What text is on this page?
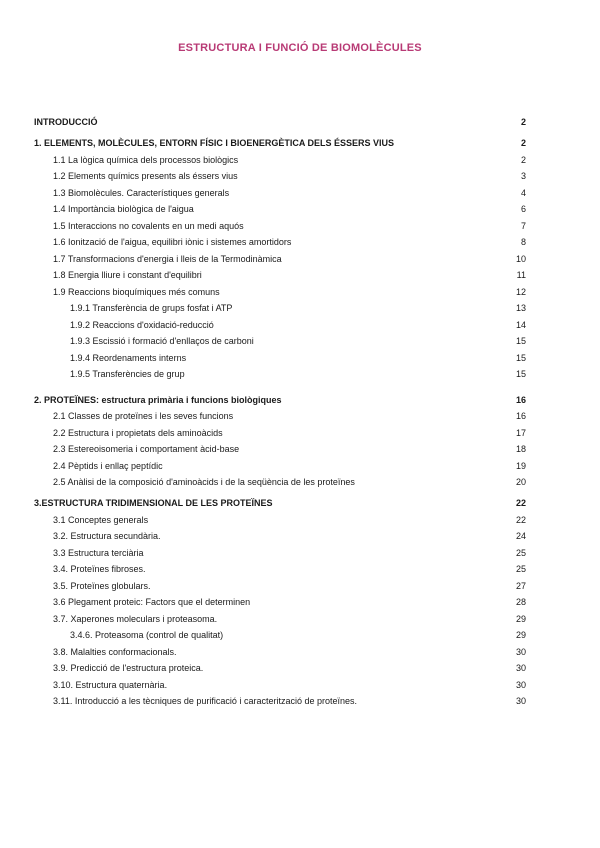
ESTRUCTURA I FUNCIÓ DE BIOMOLÈCULES
INTRODUCCIÓ	2
1. ELEMENTS, MOLÈCULES, ENTORN FÍSIC I BIOENERGÈTICA DELS ÉSSERS VIUS	2
1.1 La lògica química dels processos biològics	2
1.2 Elements químics presents als éssers vius	3
1.3 Biomolècules. Característiques generals	4
1.4 Importància biològica de l'aigua	6
1.5 Interaccions no covalents en un medi aquós	7
1.6 Ionització de l'aigua, equilibri iònic i sistemes amortidors	8
1.7 Transformacions d'energia i lleis de la Termodinàmica	10
1.8 Energia lliure i constant d'equilibri	11
1.9 Reaccions bioquímiques més comuns	12
1.9.1 Transferència de grups fosfat i ATP	13
1.9.2 Reaccions d'oxidació-reducció	14
1.9.3 Escissió i formació d'enllaços de carboni	15
1.9.4 Reordenaments interns	15
1.9.5 Transferències de grup	15
2. PROTEÏNES: estructura primària i funcions biològiques	16
2.1 Classes de proteïnes i les seves funcions	16
2.2 Estructura i propietats dels aminoàcids	17
2.3 Estereoisomeria i comportament àcid-base	18
2.4 Pèptids i enllaç peptídic	19
2.5 Anàlisi de la composició d'aminoàcids i de la seqüència de les proteïnes	20
3.ESTRUCTURA TRIDIMENSIONAL DE LES PROTEÏNES	22
3.1 Conceptes generals	22
3.2. Estructura secundària.	24
3.3 Estructura terciària	25
3.4. Proteïnes fibroses.	25
3.5. Proteïnes globulars.	27
3.6 Plegament proteic: Factors que el determinen	28
3.7. Xaperones moleculars i proteasoma.	29
3.4.6. Proteasoma (control de qualitat)	29
3.8. Malalties conformacionals.	30
3.9. Predicció de l'estructura proteica.	30
3.10. Estructura quaternària.	30
3.11. Introducció a les tècniques de purificació i caracterització de proteïnes.	30
